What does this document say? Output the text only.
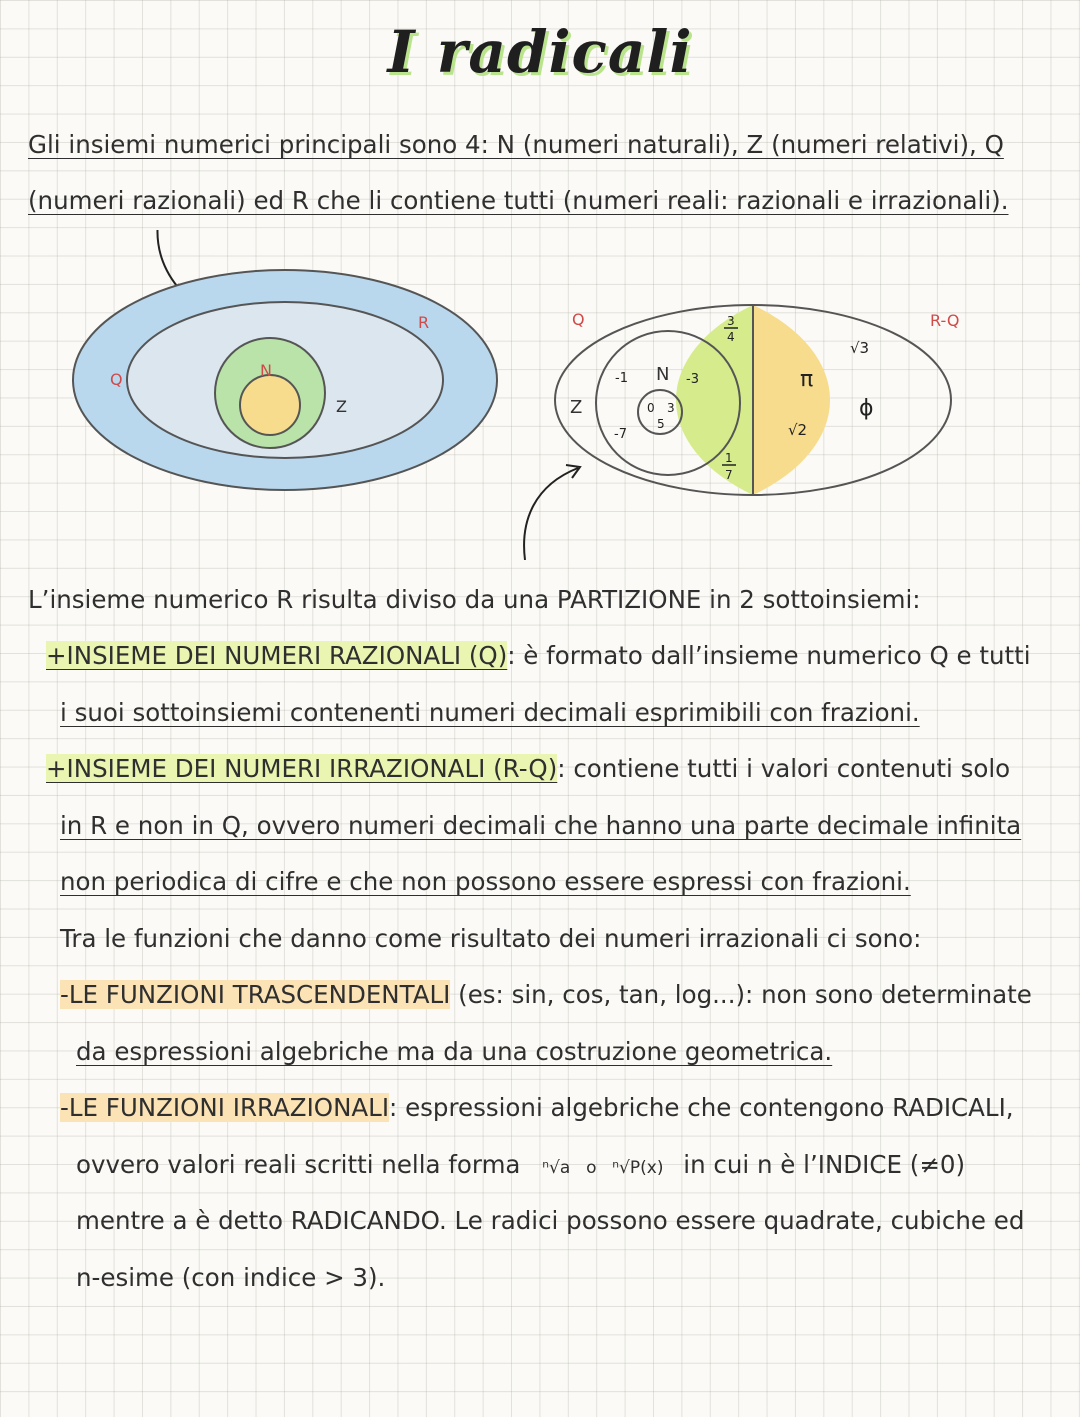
I radicali
Gli insiemi numerici principali sono 4: N (numeri naturali), Z (numeri relativi), Q
(numeri razionali) ed R che li contiene tutti (numeri reali: razionali e irrazionali).
R
Q	N
Z
Q	R-Q
Z
N
0 3
5
-1	-3
-7
3
4
1
7
π
√3
√2
ϕ
L’insieme numerico R risulta diviso da una PARTIZIONE in 2 sottoinsiemi:
+INSIEME DEI NUMERI RAZIONALI (Q): è formato dall’insieme numerico Q e tutti
i suoi sottoinsiemi contenenti numeri decimali esprimibili con frazioni.
+INSIEME DEI NUMERI IRRAZIONALI (R-Q): contiene tutti i valori contenuti solo
in R e non in Q, ovvero numeri decimali che hanno una parte decimale infinita
non periodica di cifre e che non possono essere espressi con frazioni.
Tra le funzioni che danno come risultato dei numeri irrazionali ci sono:
-LE FUNZIONI TRASCENDENTALI (es: sin, cos, tan, log...): non sono determinate
da espressioni algebriche ma da una costruzione geometrica.
-LE FUNZIONI IRRAZIONALI: espressioni algebriche che contengono RADICALI,
ovvero valori reali scritti nella forma ⁿ√a o ⁿ√P(x) in cui n è l’INDICE (≠0)
mentre a è detto RADICANDO. Le radici possono essere quadrate, cubiche ed
n-esime (con indice > 3).
